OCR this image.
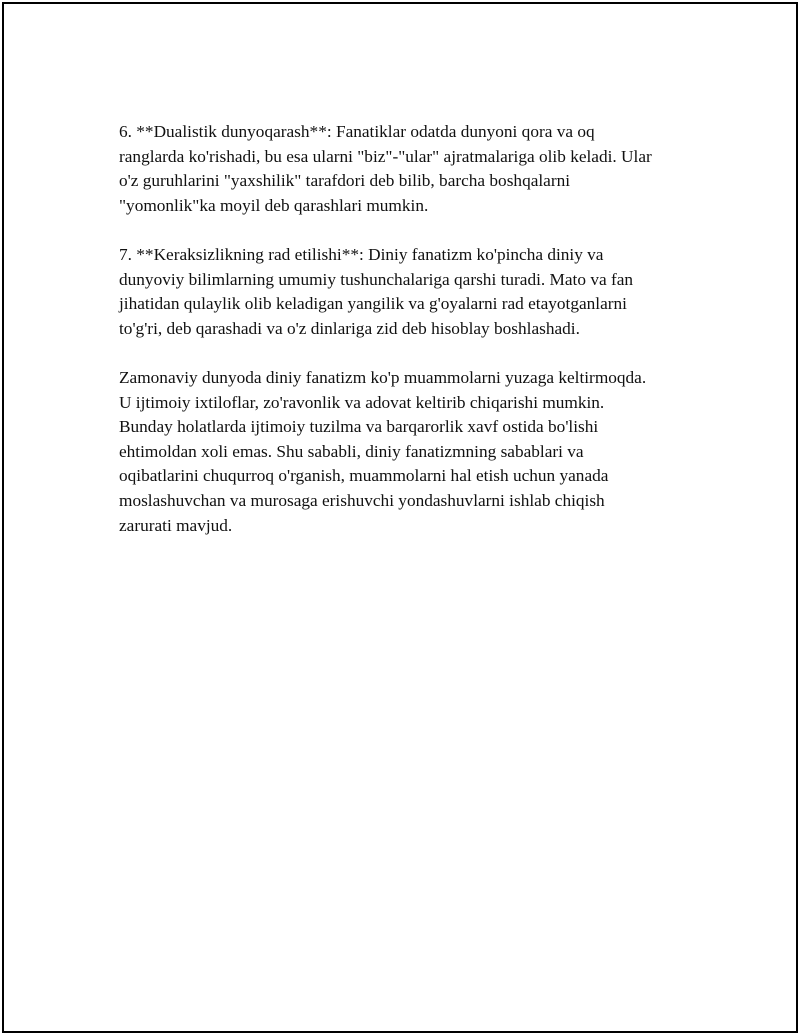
6. **Dualistik dunyoqarash**: Fanatiklar odatda dunyoni qora va oq
ranglarda ko'rishadi, bu esa ularni "biz"-"ular" ajratmalariga olib keladi. Ular
o'z guruhlarini "yaxshilik" tarafdori deb bilib, barcha boshqalarni
"yomonlik"ka moyil deb qarashlari mumkin.

7. **Keraksizlikning rad etilishi**: Diniy fanatizm ko'pincha diniy va
dunyoviy bilimlarning umumiy tushunchalariga qarshi turadi. Mato va fan
jihatidan qulaylik olib keladigan yangilik va g'oyalarni rad etayotganlarni
to'g'ri, deb qarashadi va o'z dinlariga zid deb hisoblay boshlashadi.

Zamonaviy dunyoda diniy fanatizm ko'p muammolarni yuzaga keltirmoqda.
U ijtimoiy ixtiloflar, zo'ravonlik va adovat keltirib chiqarishi mumkin.
Bunday holatlarda ijtimoiy tuzilma va barqarorlik xavf ostida bo'lishi
ehtimoldan xoli emas. Shu sababli, diniy fanatizmning sabablari va
oqibatlarini chuqurroq o'rganish, muammolarni hal etish uchun yanada
moslashuvchan va murosaga erishuvchi yondashuvlarni ishlab chiqish
zarurati mavjud.
